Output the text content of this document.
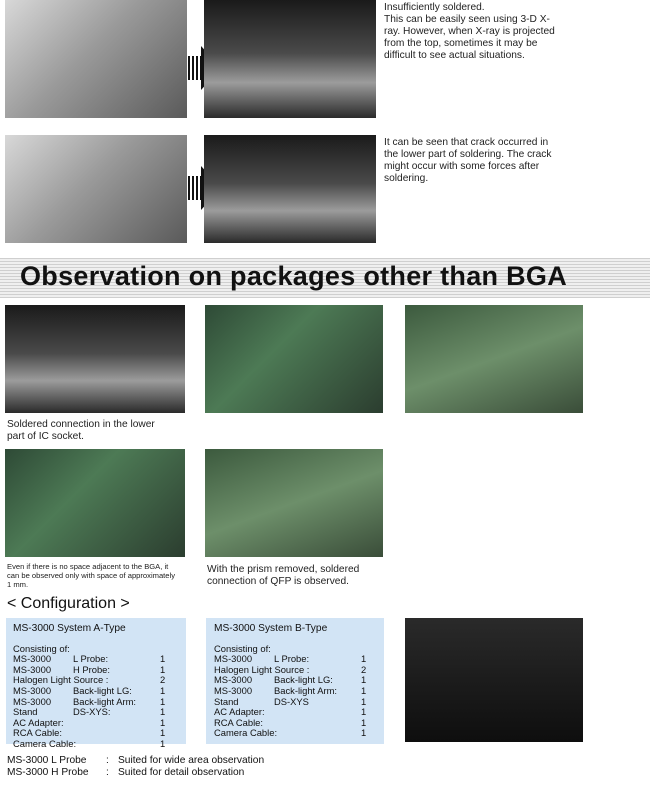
Insufficiently soldered.
This can be easily seen using 3-D X-
ray. However, when X-ray is projected
from the top, sometimes it may be
difficult to see actual situations.
It can be seen that crack occurred in
the lower part of soldering. The crack
might occur with some forces after
soldering.
Observation on packages other than BGA
Soldered connection in the lower
part of IC socket.
Even if there is no space adjacent to the BGA, it
can be observed only with space of approximately
1 mm.
With the prism removed, soldered
connection of QFP is observed.
< Configuration >
MS-3000 System A-Type
Consisting of:
MS-3000 L Probe:	1
MS-3000 H Probe:	1
Halogen Light Source :	2
MS-3000 Back-light LG:	1
MS-3000 Back-light Arm:	1
Stand	DS-XYS:	1
AC Adapter:	1
RCA Cable:	1
Camera Cable:	1
MS-3000 System B-Type
Consisting of:
MS-3000 L Probe:	1
Halogen Light Source :	2
MS-3000 Back-light LG:	1
MS-3000 Back-light Arm:	1
Stand	DS-XYS	1
AC Adapter:	1
RCA Cable:	1
Camera Cable:	1
MS-3000 L Probe : Suited for wide area observation
MS-3000 H Probe : Suited for detail observation
